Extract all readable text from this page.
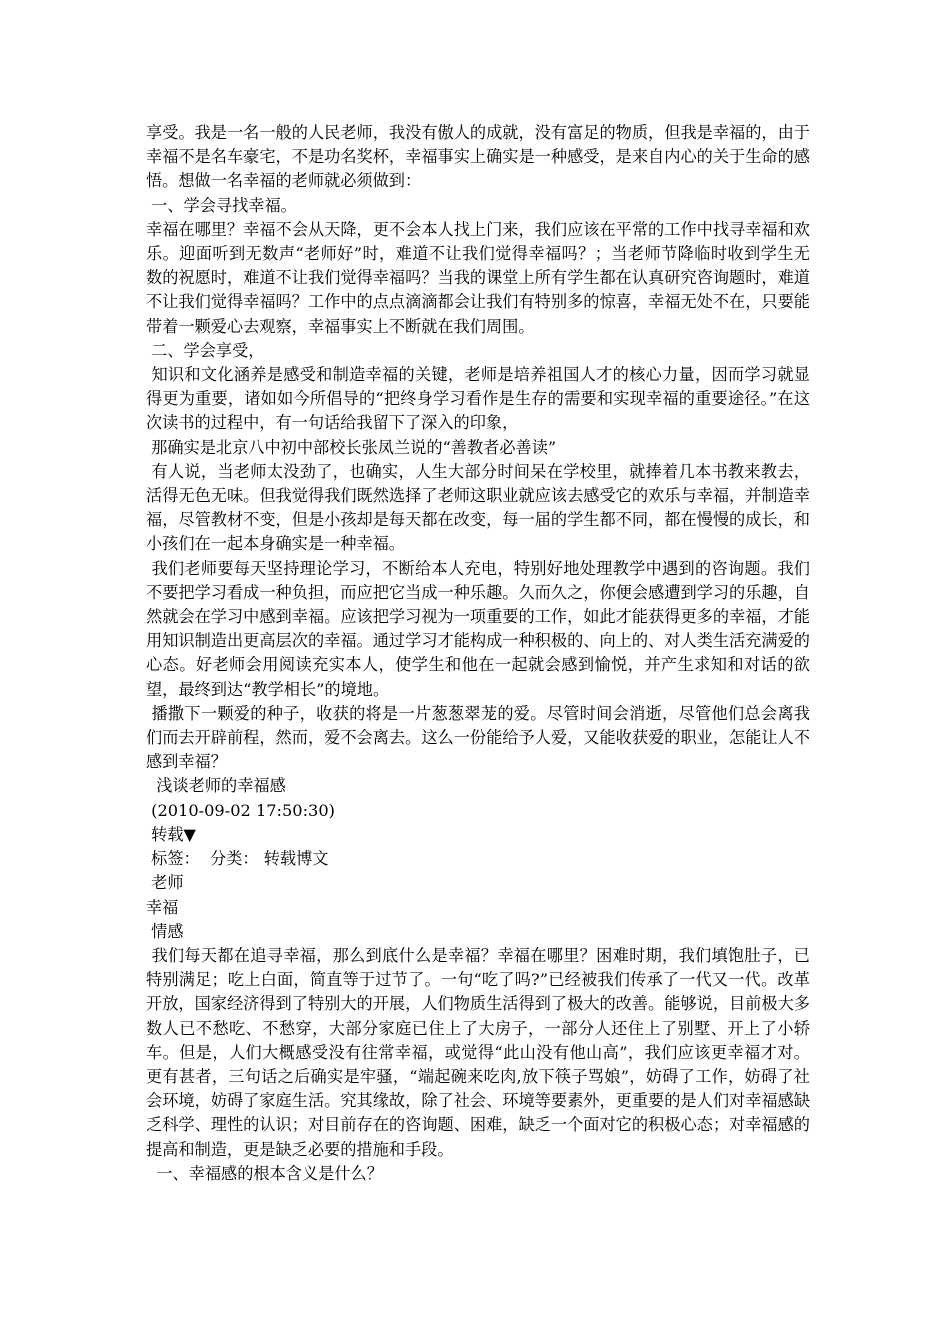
享受。我是一名一般的人民老师，我没有傲人的成就，没有富足的物质，但我是幸福的，由于幸福不是名车豪宅，不是功名奖杯，幸福事实上确实是一种感受，是来自内心的关于生命的感悟。想做一名幸福的老师就必须做到：

一、学会寻找幸福。

幸福在哪里？幸福不会从天降，更不会本人找上门来，我们应该在平常的工作中找寻幸福和欢乐。迎面听到无数声“老师好”时，难道不让我们觉得幸福吗？；当老师节降临时收到学生无数的祝愿时，难道不让我们觉得幸福吗？当我的课堂上所有学生都在认真研究咨询题时，难道不让我们觉得幸福吗？工作中的点点滴滴都会让我们有特别多的惊喜，幸福无处不在，只要能带着一颗爱心去观察，幸福事实上不断就在我们周围。

二、学会享受，

知识和文化涵养是感受和制造幸福的关键，老师是培养祖国人才的核心力量，因而学习就显得更为重要，诸如如今所倡导的“把终身学习看作是生存的需要和实现幸福的重要途径。”在这次读书的过程中，有一句话给我留下了深入的印象，

那确实是北京八中初中部校长张凤兰说的“善教者必善读”

有人说，当老师太没劲了，也确实，人生大部分时间呆在学校里，就捧着几本书教来教去，活得无色无味。但我觉得我们既然选择了老师这职业就应该去感受它的欢乐与幸福，并制造幸福，尽管教材不变，但是小孩却是每天都在改变，每一届的学生都不同，都在慢慢的成长，和小孩们在一起本身确实是一种幸福。

我们老师要每天坚持理论学习，不断给本人充电，特别好地处理教学中遇到的咨询题。我们不要把学习看成一种负担，而应把它当成一种乐趣。久而久之，你便会感遭到学习的乐趣，自然就会在学习中感到幸福。应该把学习视为一项重要的工作，如此才能获得更多的幸福，才能用知识制造出更高层次的幸福。通过学习才能构成一种积极的、向上的、对人类生活充满爱的心态。好老师会用阅读充实本人，使学生和他在一起就会感到愉悦，并产生求知和对话的欲望，最终到达“教学相长”的境地。

播撒下一颗爱的种子，收获的将是一片葱葱翠茏的爱。尽管时间会消逝，尽管他们总会离我们而去开辟前程，然而，爱不会离去。这么一份能给予人爱，又能收获爱的职业，怎能让人不感到幸福？

浅谈老师的幸福感

(2010-09-02 17:50:30)

转载▼

标签：  分类： 转载博文

老师

幸福

情感

我们每天都在追寻幸福，那么到底什么是幸福？幸福在哪里？困难时期，我们填饱肚子，已特别满足；吃上白面，简直等于过节了。一句“吃了吗?”已经被我们传承了一代又一代。改革开放，国家经济得到了特别大的开展，人们物质生活得到了极大的改善。能够说，目前极大多数人已不愁吃、不愁穿，大部分家庭已住上了大房子，一部分人还住上了别墅、开上了小轿车。但是，人们大概感受没有往常幸福，或觉得“此山没有他山高”，我们应该更幸福才对。更有甚者，三句话之后确实是牢骚，“端起碗来吃肉,放下筷子骂娘”，妨碍了工作，妨碍了社会环境，妨碍了家庭生活。究其缘故，除了社会、环境等要素外，更重要的是人们对幸福感缺乏科学、理性的认识；对目前存在的咨询题、困难，缺乏一个面对它的积极心态；对幸福感的提高和制造，更是缺乏必要的措施和手段。

一、幸福感的根本含义是什么？
